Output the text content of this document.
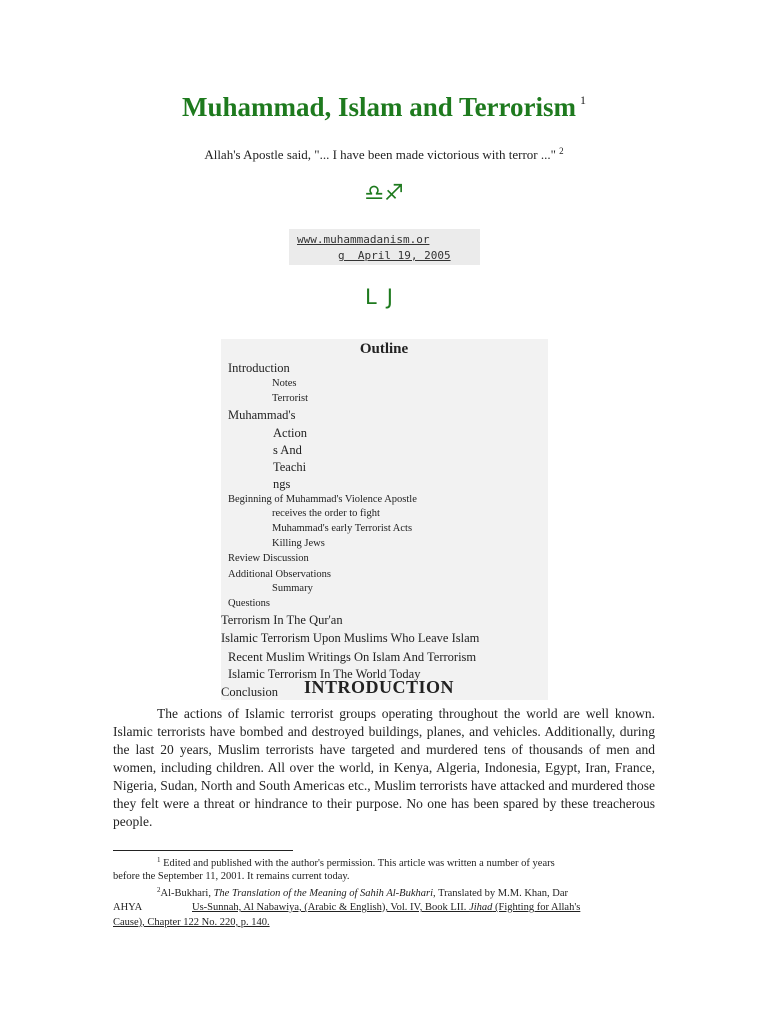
Muhammad, Islam and Terrorism $^1$
Allah's Apostle said, "... I have been made victorious with terror ..." $^2$
♎♐
www.muhammadanism.or
g  April 19, 2005
LJ
Outline
Introduction
Notes
Terrorist
Muhammad's
Action
s And
Teachi
ngs
Beginning of Muhammad's Violence Apostle
receives the order to fight
Muhammad's early Terrorist Acts
Killing Jews
Review Discussion
Additional Observations
Summary
Questions
Terrorism In The Qur'an
Islamic Terrorism Upon Muslims Who Leave Islam
Recent Muslim Writings On Islam And Terrorism
Islamic Terrorism In The World Today
Conclusion INTRODUCTION

The actions of Islamic terrorist groups operating throughout the world are well known. Islamic terrorists have bombed and destroyed buildings, planes, and vehicles. Additionally, during the last 20 years, Muslim terrorists have targeted and murdered tens of thousands of men and women, including children. All over the world, in Kenya, Algeria, Indonesia, Egypt, Iran, France, Nigeria, Sudan, North and South Americas etc., Muslim terrorists have attacked and murdered those they felt were a threat or hindrance to their purpose. No one has been spared by these treacherous people.

$^1$ Edited and published with the author's permission. This article was written a number of years
before the September 11, 2001. It remains current today.
$^2$Al-Bukhari, The Translation of the Meaning of Sahih Al-Bukhari, Translated by M.M. Khan, Dar
AHYA	Us-Sunnah, Al Nabawiya, (Arabic & English), Vol. IV, Book LII. Jihad (Fighting for Allah's
Cause), Chapter 122 No. 220, p. 140.
